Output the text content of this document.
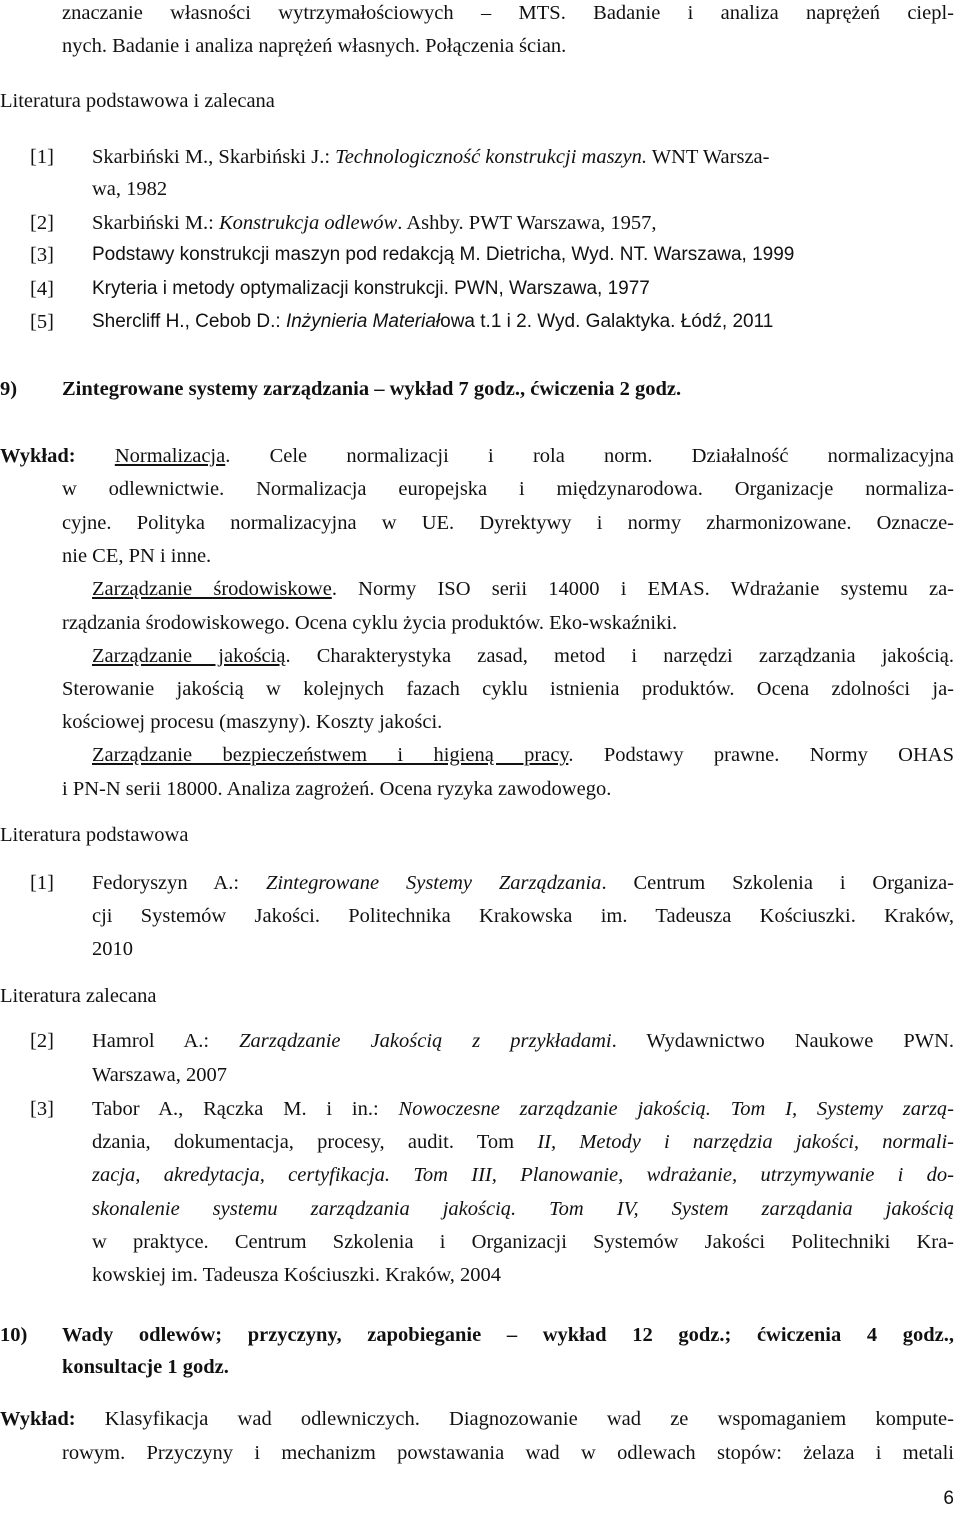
znaczanie własności wytrzymałościowych – MTS. Badanie i analiza naprężeń ciepl-
nych. Badanie i analiza naprężeń własnych. Połączenia ścian.
Literatura podstawowa i zalecana
[1] Skarbiński M., Skarbiński J.: Technologiczność konstrukcji maszyn. WNT Warsza-
wa, 1982
[2] Skarbiński M.: Konstrukcja odlewów. Ashby. PWT Warszawa, 1957,
[3] Podstawy konstrukcji maszyn pod redakcją M. Dietricha, Wyd. NT. Warszawa, 1999
[4] Kryteria i metody optymalizacji konstrukcji. PWN, Warszawa, 1977
[5] Shercliff H., Cebob D.: Inżynieria Materiałowa t.1 i 2. Wyd. Galaktyka. Łódź, 2011
9) Zintegrowane systemy zarządzania – wykład 7 godz., ćwiczenia 2 godz.
Wykład: Normalizacja. Cele normalizacji i rola norm. Działalność normalizacyjna
w odlewnictwie. Normalizacja europejska i międzynarodowa. Organizacje normaliza-
cyjne. Polityka normalizacyjna w UE. Dyrektywy i normy zharmonizowane. Oznacze-
nie CE, PN i inne.
Zarządzanie środowiskowe. Normy ISO serii 14000 i EMAS. Wdrażanie systemu za-
rządzania środowiskowego. Ocena cyklu życia produktów. Eko-wskaźniki.
Zarządzanie jakością. Charakterystyka zasad, metod i narzędzi zarządzania jakością.
Sterowanie jakością w kolejnych fazach cyklu istnienia produktów. Ocena zdolności ja-
kościowej procesu (maszyny). Koszty jakości.
Zarządzanie bezpieczeństwem i higieną pracy. Podstawy prawne. Normy OHAS
i PN-N serii 18000. Analiza zagrożeń. Ocena ryzyka zawodowego.
Literatura podstawowa
[1] Fedoryszyn A.: Zintegrowane Systemy Zarządzania. Centrum Szkolenia i Organiza-
cji Systemów Jakości. Politechnika Krakowska im. Tadeusza Kościuszki. Kraków,
2010
Literatura zalecana
[2] Hamrol A.: Zarządzanie Jakością z przykładami. Wydawnictwo Naukowe PWN.
Warszawa, 2007
[3] Tabor A., Rączka M. i in.: Nowoczesne zarządzanie jakością. Tom I, Systemy zarzą-
dzania, dokumentacja, procesy, audit. Tom II, Metody i narzędzia jakości, normali-
zacja, akredytacja, certyfikacja. Tom III, Planowanie, wdrażanie, utrzymywanie i do-
skonalenie systemu zarządzania jakością. Tom IV, System zarządania jakością
w praktyce. Centrum Szkolenia i Organizacji Systemów Jakości Politechniki Kra-
kowskiej im. Tadeusza Kościuszki. Kraków, 2004
10) Wady odlewów; przyczyny, zapobieganie – wykład 12 godz.; ćwiczenia 4 godz.,
konsultacje 1 godz.
Wykład: Klasyfikacja wad odlewniczych. Diagnozowanie wad ze wspomaganiem kompute-
rowym. Przyczyny i mechanizm powstawania wad w odlewach stopów: żelaza i metali
6
